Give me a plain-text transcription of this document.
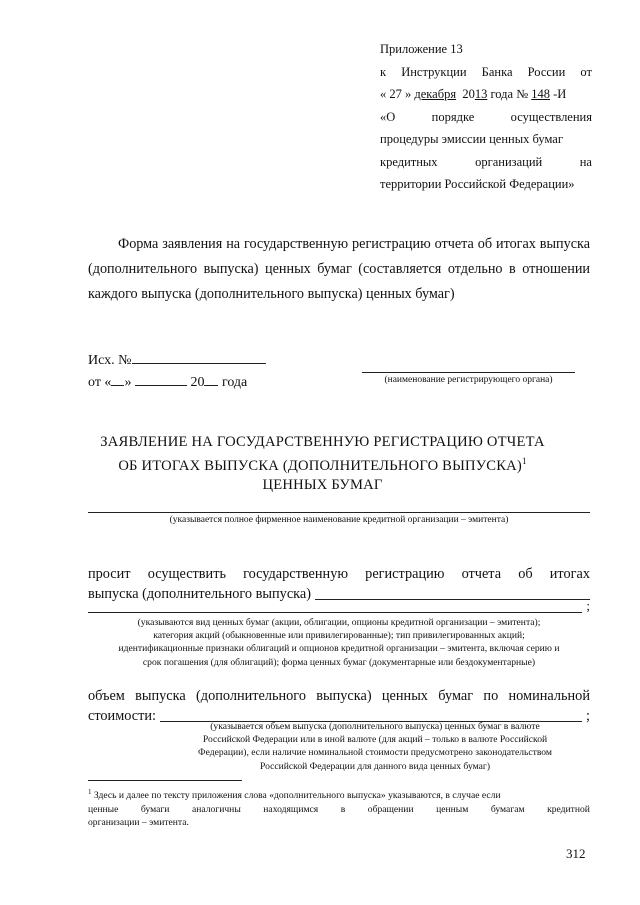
Приложение 13
к Инструкции Банка России от
« 27 » декабря  2013 года № 148 -И
«О	порядке	осуществления
процедуры эмиссии ценных бумаг
кредитных	организаций	на
территории Российской Федерации»
Форма заявления на государственную регистрацию отчета об итогах выпуска (дополнительного выпуска) ценных бумаг (составляется отдельно в отношении каждого выпуска (дополнительного выпуска) ценных бумаг)
Исх. №
от « »	20 года	(наименование регистрирующего органа)
ЗАЯВЛЕНИЕ НА ГОСУДАРСТВЕННУЮ РЕГИСТРАЦИЮ ОТЧЕТА
ОБ ИТОГАХ ВЫПУСКА (ДОПОЛНИТЕЛЬНОГО ВЫПУСКА)$^1$
ЦЕННЫХ БУМАГ
(указывается полное фирменное наименование кредитной организации – эмитента)
просит осуществить государственную регистрацию отчета об итогах
выпуска (дополнительного выпуска)
;
(указываются вид ценных бумаг (акции, облигации, опционы кредитной организации – эмитента);
категория акций (обыкновенные или привилегированные); тип привилегированных акций;
идентификационные признаки облигаций и опционов кредитной организации – эмитента, включая серию и
срок погашения (для облигаций); форма ценных бумаг (документарные или бездокументарные)
объем выпуска (дополнительного выпуска) ценных бумаг по номинальной
стоимости:	;
(указывается объем выпуска (дополнительного выпуска) ценных бумаг в валюте
Российской Федерации или в иной валюте (для акций – только в валюте Российской
Федерации), если наличие номинальной стоимости предусмотрено законодательством
Российской Федерации для данного вида ценных бумаг)
$^1$ Здесь и далее по тексту приложения слова «дополнительного выпуска» указываются, в случае если
ценные бумаги аналогичны находящимся в обращении ценным бумагам кредитной
организации – эмитента.
312
